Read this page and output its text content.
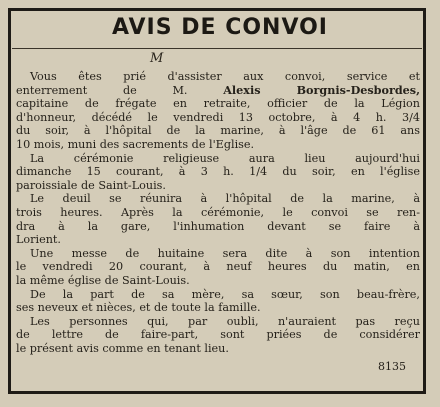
AVIS DE CONVOI
M

Vous êtes prié d'assister aux convoi, service et
enterrement de M. Alexis Borgnis-Desbordes,
capitaine de frégate en retraite, officier de la Légion
d'honneur, décédé le vendredi 13 octobre, à 4 h. 3/4
du soir, à l'hôpital de la marine, à l'âge de 61 ans
10 mois, muni des sacrements de l'Eglise.

La cérémonie religieuse aura lieu aujourd'hui
dimanche 15 courant, à 3 h. 1/4 du soir, en l'église
paroissiale de Saint-Louis.

Le deuil se réunira à l'hôpital de la marine, à
trois heures. Après la cérémonie, le convoi se ren-
dra à la gare, l'inhumation devant se faire à
Lorient.

Une messe de huitaine sera dite à son intention
le vendredi 20 courant, à neuf heures du matin, en
la même église de Saint-Louis.

De la part de sa mère, sa sœur, son beau-frère,
ses neveux et nièces, et de toute la famille.

Les personnes qui, par oubli, n'auraient pas reçu
de lettre de faire-part, sont priées de considérer
le présent avis comme en tenant lieu.

8135
